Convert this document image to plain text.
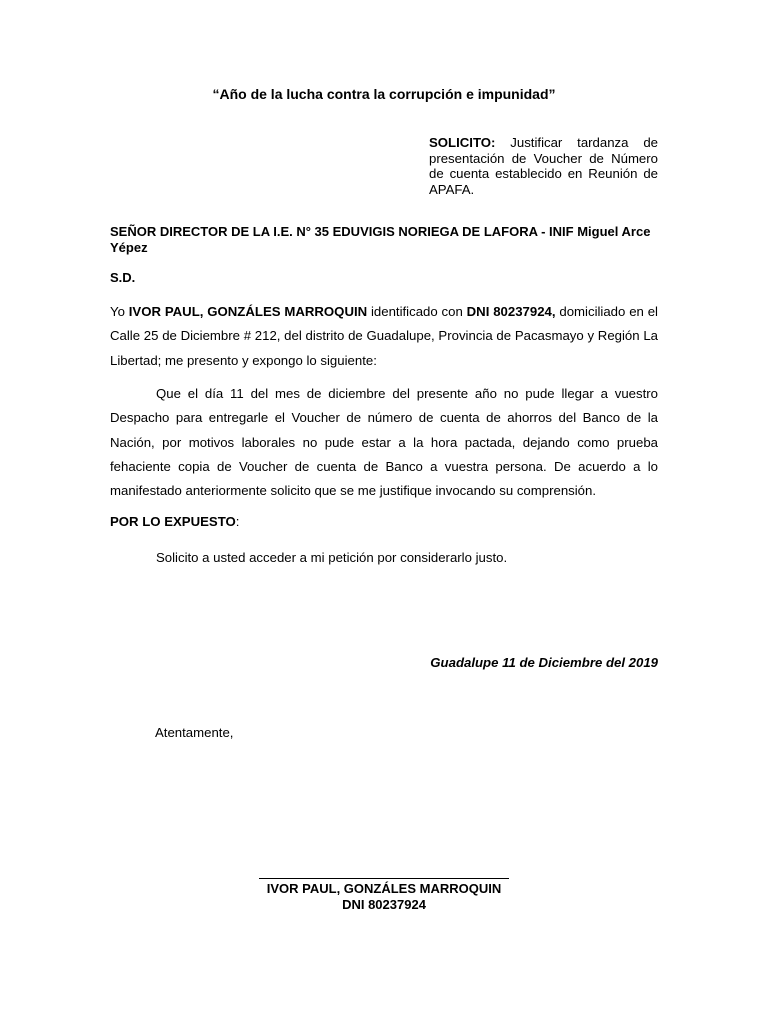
“Año de la lucha contra la corrupción e impunidad”
SOLICITO: Justificar tardanza de presentación de Voucher de Número de cuenta establecido en Reunión de APAFA.
SEÑOR DIRECTOR DE LA I.E. N° 35 EDUVIGIS NORIEGA DE LAFORA - INIF Miguel Arce Yépez
S.D.
Yo IVOR PAUL, GONZÁLES MARROQUIN identificado con DNI 80237924, domiciliado en el Calle 25 de Diciembre # 212, del distrito de Guadalupe, Provincia de Pacasmayo y Región La Libertad; me presento y expongo lo siguiente:
Que el día 11 del mes de diciembre del presente año no pude llegar a vuestro Despacho para entregarle el Voucher de número de cuenta de ahorros del Banco de la Nación, por motivos laborales no pude estar a la hora pactada, dejando como prueba fehaciente copia de Voucher de cuenta de Banco a vuestra persona. De acuerdo a lo manifestado anteriormente solicito que se me justifique invocando su comprensión.
POR LO EXPUESTO:
Solicito a usted acceder a mi petición por considerarlo justo.
Guadalupe 11 de Diciembre del 2019
Atentamente,
IVOR PAUL, GONZÁLES MARROQUIN
DNI 80237924
